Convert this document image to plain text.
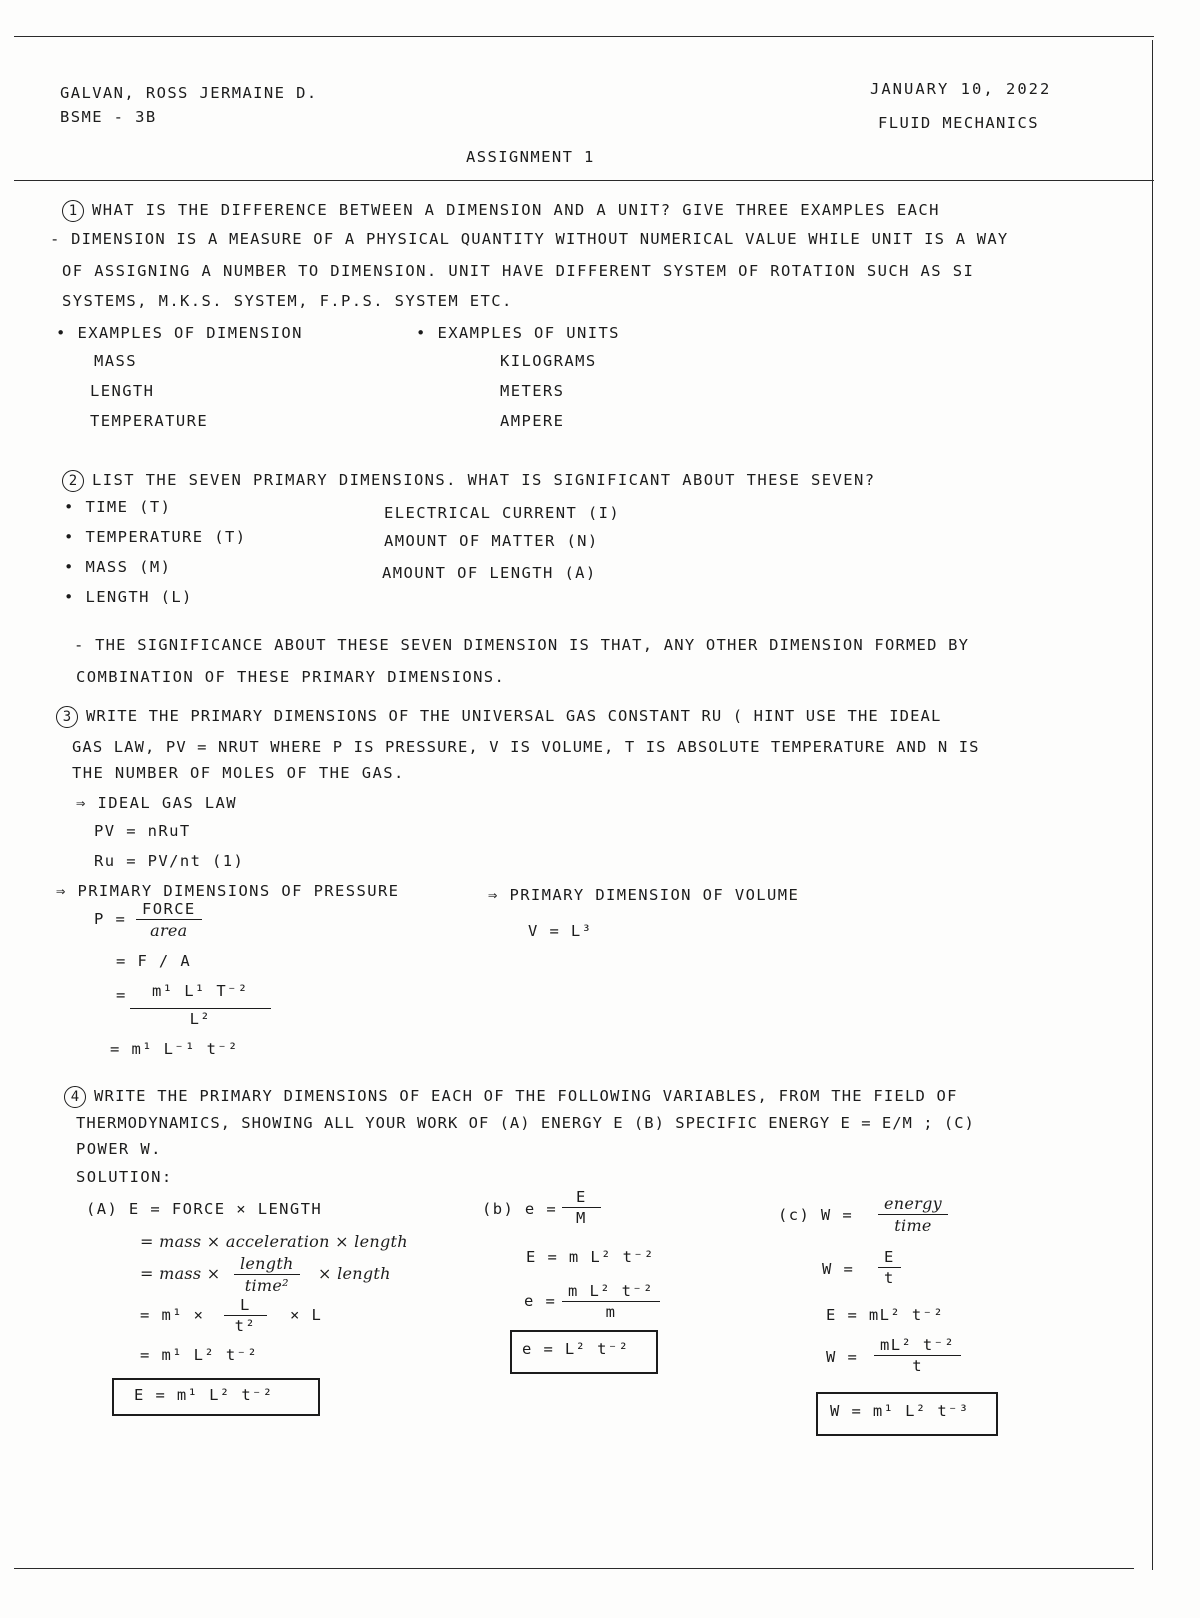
GALVAN, ROSS JERMAINE D.
BSME - 3B
JANUARY 10, 2022
FLUID MECHANICS
ASSIGNMENT 1
1 WHAT IS THE DIFFERENCE BETWEEN A DIMENSION AND A UNIT? GIVE THREE EXAMPLES EACH
- DIMENSION IS A MEASURE OF A PHYSICAL QUANTITY WITHOUT NUMERICAL VALUE WHILE UNIT IS A WAY
OF ASSIGNING A NUMBER TO DIMENSION. UNIT HAVE DIFFERENT SYSTEM OF ROTATION SUCH AS SI
SYSTEMS, M.K.S. SYSTEM, F.P.S. SYSTEM ETC.
• EXAMPLES OF DIMENSION	• EXAMPLES OF UNITS
MASS
LENGTH
TEMPERATURE
KILOGRAMS
METERS
AMPERE
2 LIST THE SEVEN PRIMARY DIMENSIONS. WHAT IS SIGNIFICANT ABOUT THESE SEVEN?
• TIME (T)
• TEMPERATURE (T)
• MASS (M)
• LENGTH (L)
ELECTRICAL CURRENT (I)
AMOUNT OF MATTER (N)
AMOUNT OF LENGTH (Α)
- THE SIGNIFICANCE ABOUT THESE SEVEN DIMENSION IS THAT, ANY OTHER DIMENSION FORMED BY
COMBINATION OF THESE PRIMARY DIMENSIONS.
3 WRITE THE PRIMARY DIMENSIONS OF THE UNIVERSAL GAS CONSTANT RU ( HINT USE THE IDEAL
GAS LAW, PV = NRUT WHERE P IS PRESSURE, V IS VOLUME, T IS ABSOLUTE TEMPERATURE AND N IS
THE NUMBER OF MOLES OF THE GAS.
⇒ IDEAL GAS LAW
PV = nRuT
Ru = PV/nt (1)
⇒ PRIMARY DIMENSIONS OF PRESSURE	⇒ PRIMARY DIMENSION OF VOLUME
P =
FORCE
area
= F / A
= $\frac{\text{m¹ L¹ T⁻²}}{\text{L²}}$
= m¹ L⁻¹ t⁻²
V = L³
4 WRITE THE PRIMARY DIMENSIONS OF EACH OF THE FOLLOWING VARIABLES, FROM THE FIELD OF
THERMODYNAMICS, SHOWING ALL YOUR WORK OF (A) ENERGY E (B) SPECIFIC ENERGY E = E/M ; (C)
POWER W.
SOLUTION:
(A) E = FORCE × LENGTH
= mass × acceleration × length
= mass ×
length
time²
× length
= $m^1 \times \frac{L}{\text{t²}} \times L$
= m¹ L² t⁻²
E = m¹ L² t⁻²
(b) $e = \frac{E}{M}$
E = m L² t⁻²
$e = \frac{\text{m L² t⁻²}}{m}$
e = L² t⁻²
(c) W =
energy
time
$W = \frac{E}{t}$
E = mL² t⁻²
$W = \frac{\text{mL² t⁻²}}{t}$
W = m¹ L² t⁻³
